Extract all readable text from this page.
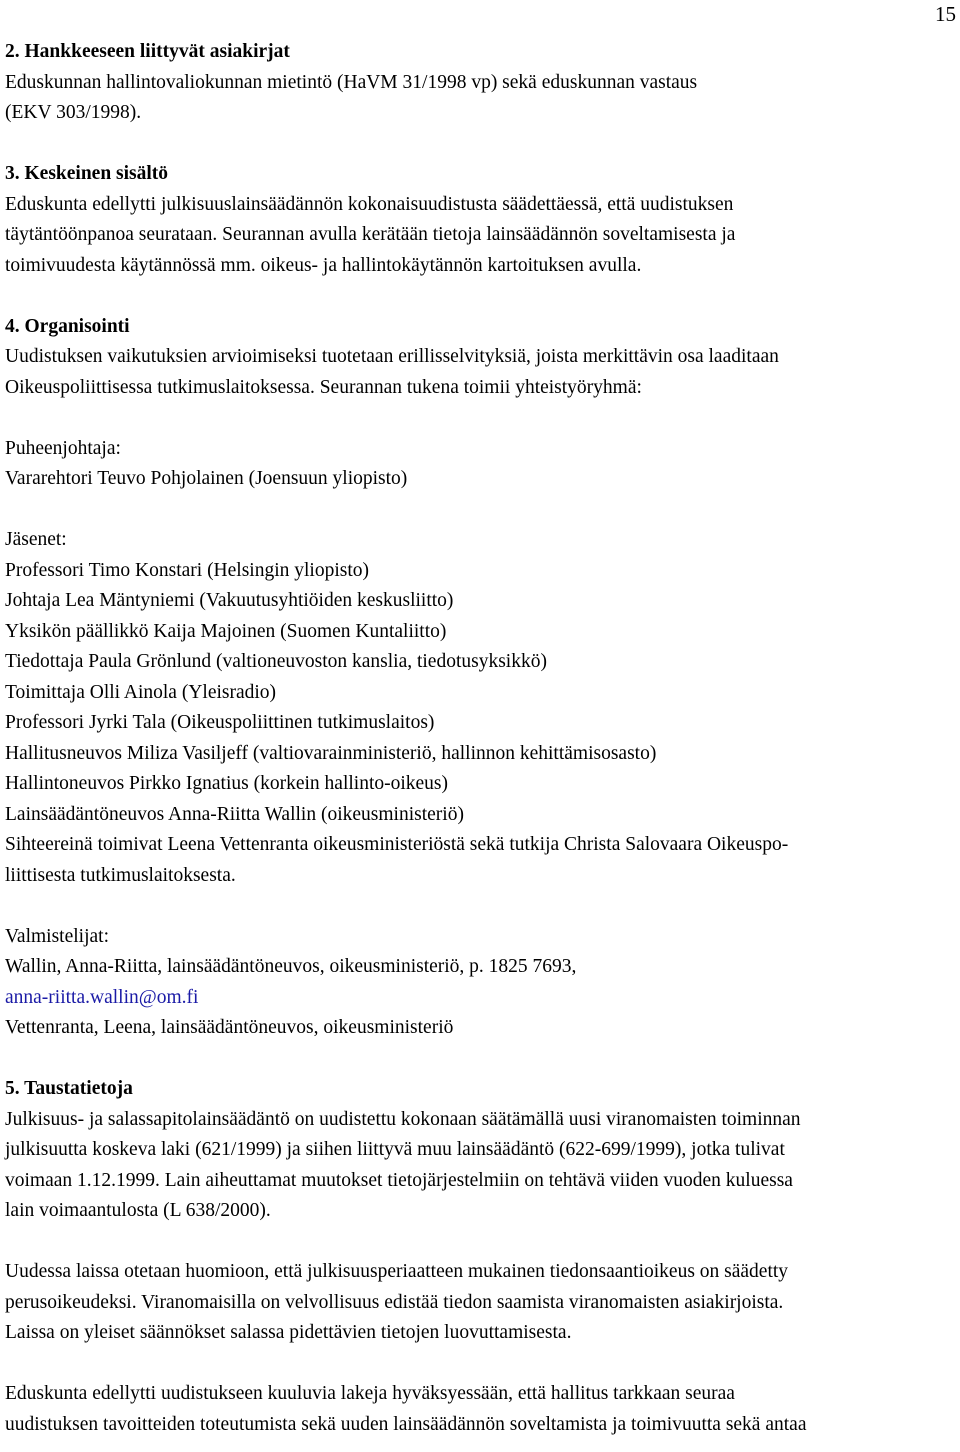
15
2. Hankkeeseen liittyvät asiakirjat
Eduskunnan hallintovaliokunnan mietintö (HaVM 31/1998 vp) sekä eduskunnan vastaus
(EKV 303/1998).
3. Keskeinen sisältö
Eduskunta edellytti julkisuuslainsäädännön kokonaisuudistusta säädettäessä, että uudistuksen
täytäntöönpanoa seurataan. Seurannan avulla kerätään tietoja lainsäädännön soveltamisesta ja
toimivuudesta käytännössä mm. oikeus- ja hallintokäytännön kartoituksen avulla.
4. Organisointi
Uudistuksen vaikutuksien arvioimiseksi tuotetaan erillisselvityksiä, joista merkittävin osa laaditaan
Oikeuspoliittisessa tutkimuslaitoksessa. Seurannan tukena toimii yhteistyöryhmä:
Puheenjohtaja:
Vararehtori Teuvo Pohjolainen (Joensuun yliopisto)
Jäsenet:
Professori Timo Konstari (Helsingin yliopisto)
Johtaja Lea Mäntyniemi (Vakuutusyhtiöiden keskusliitto)
Yksikön päällikkö Kaija Majoinen (Suomen Kuntaliitto)
Tiedottaja Paula Grönlund (valtioneuvoston kanslia, tiedotusyksikkö)
Toimittaja Olli Ainola (Yleisradio)
Professori Jyrki Tala (Oikeuspoliittinen tutkimuslaitos)
Hallitusneuvos Miliza Vasiljeff (valtiovarainministeriö, hallinnon kehittämisosasto)
Hallintoneuvos Pirkko Ignatius (korkein hallinto-oikeus)
Lainsäädäntöneuvos Anna-Riitta Wallin (oikeusministeriö)
Sihteereinä toimivat Leena Vettenranta oikeusministeriöstä sekä tutkija Christa Salovaara Oikeuspo-
liittisesta tutkimuslaitoksesta.
Valmistelijat:
Wallin, Anna-Riitta, lainsäädäntöneuvos, oikeusministeriö, p. 1825 7693,
anna-riitta.wallin@om.fi
Vettenranta, Leena, lainsäädäntöneuvos, oikeusministeriö
5. Taustatietoja
Julkisuus- ja salassapitolainsäädäntö on uudistettu kokonaan säätämällä uusi viranomaisten toiminnan
julkisuutta koskeva laki (621/1999) ja siihen liittyvä muu lainsäädäntö (622-699/1999), jotka tulivat
voimaan 1.12.1999. Lain aiheuttamat muutokset tietojärjestelmiin on tehtävä viiden vuoden kuluessa
lain voimaantulosta (L 638/2000).
Uudessa laissa otetaan huomioon, että julkisuusperiaatteen mukainen tiedonsaantioikeus on säädetty
perusoikeudeksi. Viranomaisilla on velvollisuus edistää tiedon saamista viranomaisten asiakirjoista.
Laissa on yleiset säännökset salassa pidettävien tietojen luovuttamisesta.
Eduskunta edellytti uudistukseen kuuluvia lakeja hyväksyessään, että hallitus tarkkaan seuraa
uudistuksen tavoitteiden toteutumista sekä uuden lainsäädännön soveltamista ja toimivuutta sekä antaa
